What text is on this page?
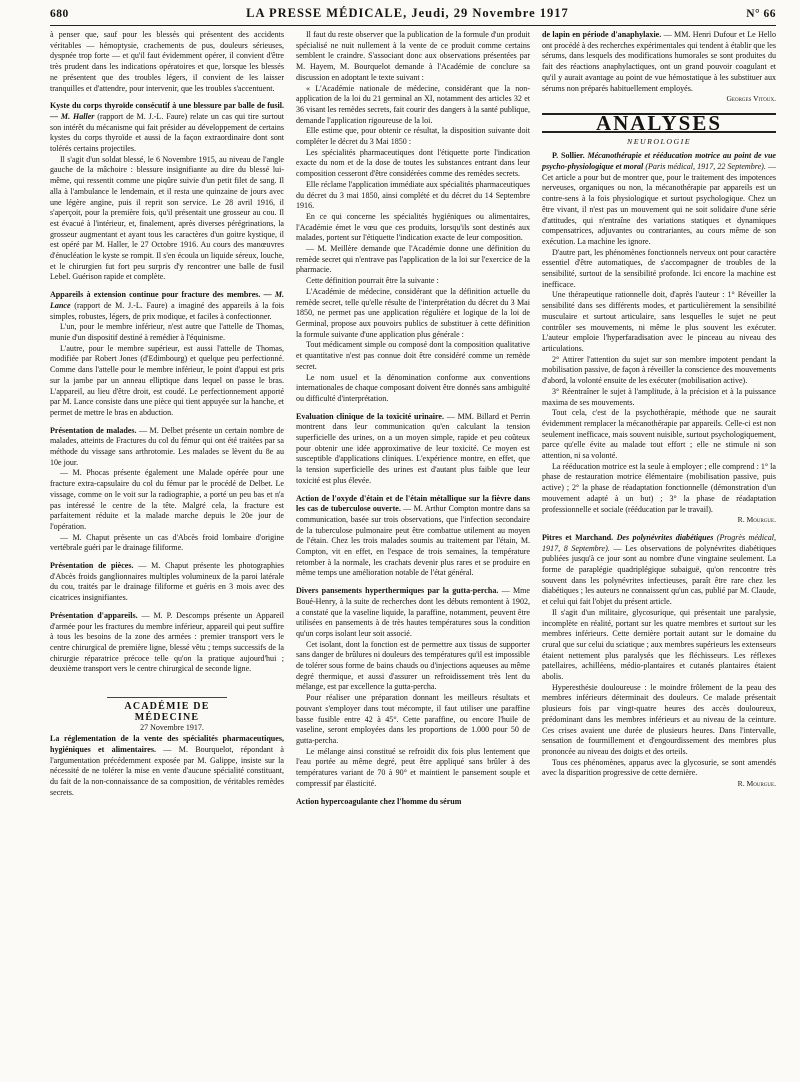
680	LA PRESSE MÉDICALE, Jeudi, 29 Novembre 1917	N° 66

à penser que, sauf pour les blessés qui présentent des accidents véritables — hémoptysie, crachements de pus, douleurs sérieuses, dyspnée trop forte — et qu'il faut évidemment opérer, il convient d'être très prudent dans les indications opératoires et que, lorsque les blessés ne présentent que des troubles légers, il convient de les laisser tranquilles et d'attendre, pour intervenir, que les troubles s'accentuent.

Kyste du corps thyroïde consécutif à une blessure par balle de fusil. — M. Haller (rapport de M. J.-L. Faure) relate un cas qui tire surtout son intérêt du mécanisme qui fait présider au développement de certains kystes du corps thyroïde et aussi de la façon extraordinaire dont sont tolérés certains projectiles.

Il s'agit d'un soldat blessé, le 6 Novembre 1915, au niveau de l'angle gauche de la mâchoire : blessure insignifiante au dire du blessé lui-même, qui ressentit comme une piqûre suivie d'un petit filet de sang. Il alla à l'ambulance le lendemain, et il resta une quinzaine de jours avec une légère angine, puis il reprit son service. Le 28 avril 1916, il s'aperçoit, pour la première fois, qu'il présentait une grosseur au cou. Il est évacué à l'intérieur, et, finalement, après diverses pérégrinations, la grosseur augmentant et ayant tous les caractères d'un goitre kystique, il est opéré par M. Haller, le 27 Octobre 1916. Au cours des manœuvres d'énucléation le kyste se rompit. Il s'en écoula un liquide séreux, louche, et le chirurgien fut fort peu surpris d'y rencontrer une balle de fusil Lebel. Guérison rapide et complète.

Appareils à extension continue pour fracture des membres. — M. Lance (rapport de M. J.-L. Faure) a imaginé des appareils à la fois simples, robustes, légers, de prix modique, et faciles à confectionner.

L'un, pour le membre inférieur, n'est autre que l'attelle de Thomas, munie d'un dispositif destiné à remédier à l'équinisme.

L'autre, pour le membre supérieur, est aussi l'attelle de Thomas, modifiée par Robert Jones (d'Edimbourg) et quelque peu perfectionné. Comme dans l'attelle pour le membre inférieur, le point d'appui est pris sur la jambe par un anneau elliptique dans lequel on passe le bras. L'appareil, au lieu d'être droit, est coudé. Le perfectionnement apporté par M. Lance consiste dans une pièce qui tient appuyée sur la hanche, et permet de mettre le bras en abduction.

Présentation de malades. — M. Delbet présente un certain nombre de malades, atteints de Fractures du col du fémur qui ont été traitées par sa méthode du vissage sans arthrotomie. Les malades se lèvent du 8e au 10e jour.

— M. Phocas présente également une Malade opérée pour une fracture extra-capsulaire du col du fémur par le procédé de Delbet. Le vissage, comme on le voit sur la radiographie, a porté un peu bas et n'a pas intéressé le centre de la tête. Malgré cela, la fracture est parfaitement réduite et la malade marche depuis le 20e jour de l'opération.

— M. Chaput présente un cas d'Abcès froid lombaire d'origine vertébrale guéri par le drainage filiforme.

Présentation de pièces. — M. Chaput présente les photographies d'Abcès froids ganglionnaires multiples volumineux de la paroi latérale du cou, traités par le drainage filiforme et guéris en 3 mois avec des cicatrices insignifiantes.

Présentation d'appareils. — M. P. Descomps présente un Appareil d'armée pour les fractures du membre inférieur, appareil qui peut suffire à tous les besoins de la zone des armées : premier transport vers le centre chirurgical de première ligne, blessé vêtu ; temps successifs de la chirurgie réparatrice précoce telle qu'on la pratique aujourd'hui ; deuxième transport vers le centre chirurgical de seconde ligne.

ACADÉMIE DE MÉDECINE

27 Novembre 1917.

La réglementation de la vente des spécialités pharmaceutiques, hygiéniques et alimentaires. — M. Bourquelot, répondant à l'argumentation précédemment exposée par M. Galippe, insiste sur la nécessité de ne tolérer la mise en vente d'aucune spécialité constituant, du fait de la non-connaissance de sa composition, de véritables remèdes secrets.

Il faut du reste observer que la publication de la formule d'un produit spécialisé ne nuit nullement à la vente de ce produit comme certains semblent le craindre. S'associant donc aux observations présentées par M. Hayem, M. Bourquelot demande à l'Académie de conclure sa discussion en adoptant le texte suivant :

« L'Académie nationale de médecine, considérant que la non-application de la loi du 21 germinal an XI, notamment des articles 32 et 36 visant les remèdes secrets, fait courir des dangers à la santé publique, demande l'application rigoureuse de la loi.

Elle estime que, pour obtenir ce résultat, la disposition suivante doit compléter le décret du 3 Mai 1850 :

Les spécialités pharmaceutiques dont l'étiquette porte l'indication exacte du nom et de la dose de toutes les substances entrant dans leur composition cesseront d'être considérées comme des remèdes secrets.

Elle réclame l'application immédiate aux spécialités pharmaceutiques du décret du 3 mai 1850, ainsi complété et du décret du 14 Septembre 1916.

En ce qui concerne les spécialités hygiéniques ou alimentaires, l'Académie émet le vœu que ces produits, lorsqu'ils sont destinés aux malades, portent sur l'étiquette l'indication exacte de leur composition.

— M. Meillère demande que l'Académie donne une définition du remède secret qui n'entrave pas l'application de la loi sur l'exercice de la pharmacie.

Cette définition pourrait être la suivante :

L'Académie de médecine, considérant que la définition actuelle du remède secret, telle qu'elle résulte de l'interprétation du décret du 3 Mai 1850, ne permet pas une application régulière et logique de la loi de Germinal, propose aux pouvoirs publics de substituer à cette définition la formule suivante d'une application plus générale :

Tout médicament simple ou composé dont la composition qualitative et quantitative n'est pas connue doit être considéré comme un remède secret.

Le nom usuel et la dénomination conforme aux conventions internationales de chaque composant doivent être donnés sans ambiguïté ou difficulté d'interprétation.

Evaluation clinique de la toxicité urinaire. — MM. Billard et Perrin montrent dans leur communication qu'en calculant la tension superficielle des urines, on a un moyen simple, rapide et peu coûteux pour obtenir une idée approximative de leur toxicité. Ce moyen est susceptible d'applications cliniques. L'expérience montre, en effet, que la tension superficielle des urines est d'autant plus faible que leur toxicité est plus élevée.

Action de l'oxyde d'étain et de l'étain métallique sur la fièvre dans les cas de tuberculose ouverte. — M. Arthur Compton montre dans sa communication, basée sur trois observations, que l'infection secondaire de la tuberculose pulmonaire peut être combattue utilement au moyen de l'étain. Chez les trois malades soumis au traitement par l'étain, M. Compton, vit en effet, en l'espace de trois semaines, la température retomber à la normale, les crachats devenir plus rares et se produire en même temps une amélioration notable de l'état général.

Divers pansements hyperthermiques par la gutta-percha. — Mme Boué-Henry, à la suite de recherches dont les débuts remontent à 1902, a constaté que la vaseline liquide, la paraffine, notamment, peuvent être utilisées en pansements à de très hautes températures sous la condition qu'un corps isolant leur soit associé.

Cet isolant, dont la fonction est de permettre aux tissus de supporter sans danger de brûlures ni douleurs des températures qu'il est impossible de tolérer sous forme de bains chauds ou d'injections aqueuses au même degré thermique, et aussi d'assurer un refroidissement très lent du mélange, est par excellence la gutta-percha.

Pour réaliser une préparation donnant les meilleurs résultats et pouvant s'employer dans tout mécompte, il faut utiliser une paraffine basse fusible entre 42 à 45°. Cette paraffine, ou encore l'huile de vaseline, seront employées dans les proportions de 1.000 pour 50 de gutta-percha.

Le mélange ainsi constitué se refroidit dix fois plus lentement que l'eau portée au même degré, peut être appliqué sans brûler à des températures variant de 70 à 90° et maintient le pansement souple et compressif par élasticité.

Action hypercoagulante chez l'homme du sérum

de lapin en période d'anaphylaxie. — MM. Henri Dufour et Le Hello ont procédé à des recherches expérimentales qui tendent à établir que les sérums, dans lesquels des modifications humorales se sont produites du fait des réactions anaphylactiques, ont un grand pouvoir coagulant et qu'il y aurait avantage au point de vue hémostatique à les substituer aux sérums non préparés habituellement employés.

Georges Vitoux.

ANALYSES
NEUROLOGIE

P. Sollier. Mécanothérapie et rééducation motrice au point de vue psycho-physiologique et moral (Paris médical, 1917, 22 Septembre). — Cet article a pour but de montrer que, pour le traitement des impotences nerveuses, organiques ou non, la mécanothérapie par appareils est un contre-sens à la fois physiologique et surtout psychologique. Chez un être vivant, il n'est pas un mouvement qui ne soit solidaire d'une série d'attitudes, qui n'entraîne des variations statiques et dynamiques compensatrices, adjuvantes ou contrariantes, au cours même de son exécution. La machine les ignore.

D'autre part, les phénomènes fonctionnels nerveux ont pour caractère essentiel d'être automatiques, de s'accompagner de troubles de la sensibilité, surtout de la sensibilité profonde. Ici encore la machine est inefficace.

Une thérapeutique rationnelle doit, d'après l'auteur : 1° Réveiller la sensibilité dans ses différents modes, et particulièrement la sensibilité musculaire et surtout articulaire, sans lesquelles le sujet ne peut contrôler ses mouvements, ni même le plus souvent les exécuter. L'auteur emploie l'hyperfaradisation avec le pinceau au niveau des articulations.

2° Attirer l'attention du sujet sur son membre impotent pendant la mobilisation passive, de façon à réveiller la conscience des mouvements d'abord, la volonté ensuite de les exécuter (mobilisation active).

3° Réentraîner le sujet à l'amplitude, à la précision et à la puissance maxima de ses mouvements.

Tout cela, c'est de la psychothérapie, méthode que ne saurait évidemment remplacer la mécanothérapie par appareils. Celle-ci est non seulement inefficace, mais souvent nuisible, surtout psychologiquement, parce qu'elle évite au malade tout effort ; elle ne stimule ni son attention, ni sa volonté.

La rééducation motrice est la seule à employer ; elle comprend : 1° la phase de restauration motrice élémentaire (mobilisation passive, puis active) ; 2° la phase de réadaptation fonctionnelle (démonstration d'un mouvement adapté à un but) ; 3° la phase de réadaptation professionnelle et sociale (rééducation par le travail).

R. Mourgue.

Pitres et Marchand. Des polynévrites diabétiques (Progrès médical, 1917, 8 Septembre). — Les observations de polynévrites diabétiques publiées jusqu'à ce jour sont au nombre d'une vingtaine seulement. La forme de paraplégie quadriplégique subaiguë, qu'on rencontre très souvent dans les polynévrites infectieuses, paraît être rare chez les diabétiques ; les auteurs ne connaissent qu'un cas, publié par M. Claude, et celui qui fait l'objet du présent article.

Il s'agit d'un militaire, glycosurique, qui présentait une paralysie, incomplète en réalité, portant sur les quatre membres et surtout sur les membres inférieurs. Cette dernière portait autant sur le domaine du crural que sur celui du sciatique ; aux membres supérieurs les extenseurs étaient nettement plus paralysés que les fléchisseurs. Les réflexes patellaires, achilléens, médio-plantaires et cutanés plantaires étaient abolis.

Hyperesthésie douloureuse : le moindre frôlement de la peau des membres inférieurs déterminait des douleurs. Ce malade présentait plusieurs fois par vingt-quatre heures des accès douloureux, prédominant dans les membres inférieurs et au niveau de la ceinture. Ces crises avaient une durée de plusieurs heures. Dans l'intervalle, sensation de fourmillement et d'engourdissement des membres plus prononcée au niveau des doigts et des orteils.

Tous ces phénomènes, apparus avec la glycosurie, se sont amendés avec la disparition progressive de cette dernière.

R. Mourgue.
